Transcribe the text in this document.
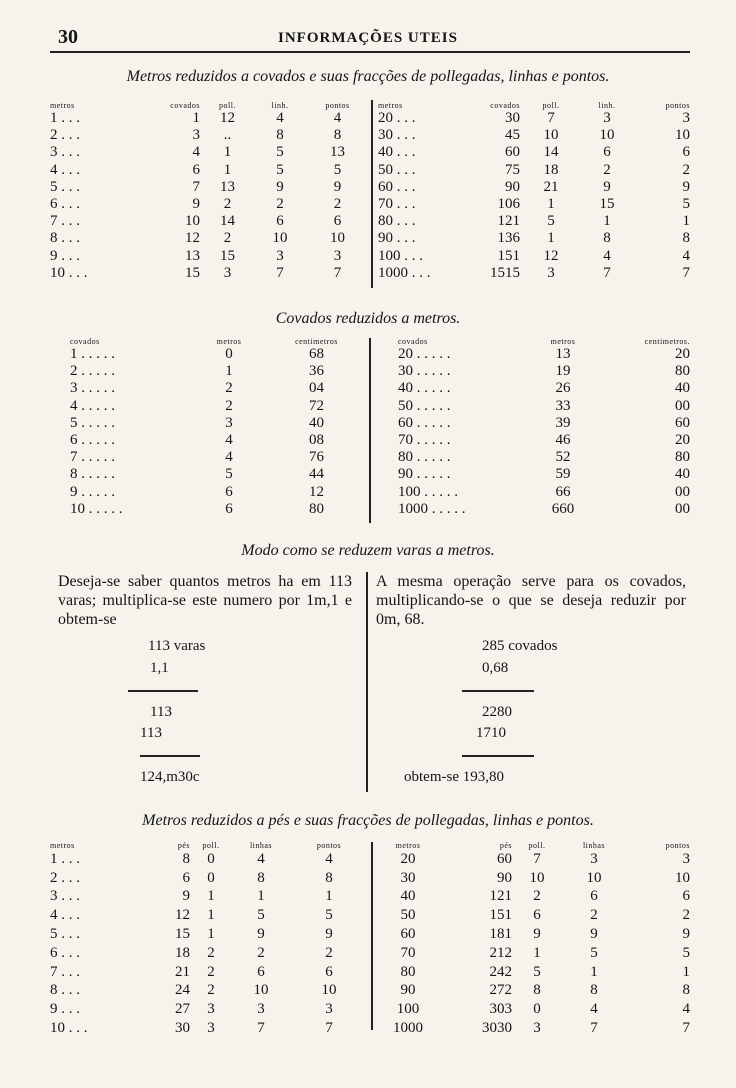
30	INFORMAÇÕES UTEIS
Metros reduzidos a covados e suas fracções de pollegadas, linhas e pontos.
metros	covados	poll.	linh.	pontos
1 . . .	1	12	4	4
2 . . .	3	..	8	8
3 . . .	4	1	5	13
4 . . .	6	1	5	5
5 . . .	7	13	9	9
6 . . .	9	2	2	2
7 . . .	10	14	6	6
8 . . .	12	2	10	10
9 . . .	13	15	3	3
10 . . .	15	3	7	7
metros	covados	poll.	linh.	pontos
20 . . .	30	7	3	3
30 . . .	45	10	10	10
40 . . .	60	14	6	6
50 . . .	75	18	2	2
60 . . .	90	21	9	9
70 . . .	106	1	15	5
80 . . .	121	5	1	1
90 . . .	136	1	8	8
100 . . .	151	12	4	4
1000 . . .	1515	3	7	7
Covados reduzidos a metros.
covados	metros	centimetros
1 . . . . .	0	68
2 . . . . .	1	36
3 . . . . .	2	04
4 . . . . .	2	72
5 . . . . .	3	40
6 . . . . .	4	08
7 . . . . .	4	76
8 . . . . .	5	44
9 . . . . .	6	12
10 . . . . .	6	80
covados	metros	centimetros.
20 . . . . .	13	20
30 . . . . .	19	80
40 . . . . .	26	40
50 . . . . .	33	00
60 . . . . .	39	60
70 . . . . .	46	20
80 . . . . .	52	80
90 . . . . .	59	40
100 . . . . .	66	00
1000 . . . . .	660	00
Modo como se reduzem varas a metros.
Deseja-se saber quantos metros ha em 113 varas; multiplica-se este numero por 1m,1 e obtem-se
113 varas
1,1
113
113
124,m30c
A mesma operação serve para os covados, multiplicando-se o que se deseja reduzir por 0m, 68.
285 covados
0,68
2280
1710
obtem-se 193,80
Metros reduzidos a pés e suas fracções de pollegadas, linhas e pontos.
metros	pés	poll.	linhas	pontos
1 . . .	8	0	4	4
2 . . .	6	0	8	8
3 . . .	9	1	1	1
4 . . .	12	1	5	5
5 . . .	15	1	9	9
6 . . .	18	2	2	2
7 . . .	21	2	6	6
8 . . .	24	2	10	10
9 . . .	27	3	3	3
10 . . .	30	3	7	7
metros	pés	poll.	linhas	pontos
20	60	7	3	3
30	90	10	10	10
40	121	2	6	6
50	151	6	2	2
60	181	9	9	9
70	212	1	5	5
80	242	5	1	1
90	272	8	8	8
100	303	0	4	4
1000	3030	3	7	7
